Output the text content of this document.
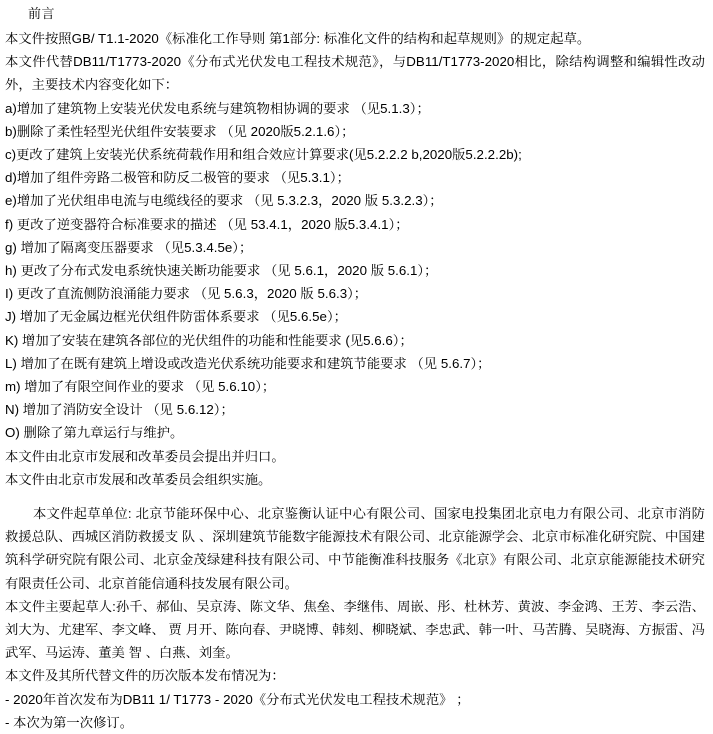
前言

本文件按照GB/ T1.1-2020《标准化工作导则 第1部分: 标准化文件的结构和起草规则》的规定起草。

本文件代替DB11/T1773-2020《分布式光伏发电工程技术规范》，与DB11/T1773-2020相比，除结构调整和编辑性改动外，主要技术内容变化如下：

a)增加了建筑物上安装光伏发电系统与建筑物相协调的要求 （见5.1.3）；

b)删除了柔性轻型光伏组件安装要求 （见 2020版5.2.1.6）；

c)更改了建筑上安装光伏系统荷载作用和组合效应计算要求(见5.2.2.2 b,2020版5.2.2.2b);

d)增加了组件旁路二极管和防反二极管的要求 （见5.3.1）；

e)增加了光伏组串电流与电缆线径的要求 （见 5.3.2.3，2020 版 5.3.2.3）；

f) 更改了逆变器符合标准要求的描述 （见 53.4.1，2020 版5.3.4.1）；

g) 增加了隔离变压器要求 （见5.3.4.5e）；

h) 更改了分布式发电系统快速关断功能要求 （见 5.6.1，2020 版 5.6.1）；

I) 更改了直流侧防浪涌能力要求 （见 5.6.3，2020 版 5.6.3）；

J) 增加了无金属边框光伏组件防雷体系要求 （见5.6.5e）；

K) 增加了安装在建筑各部位的光伏组件的功能和性能要求 (见5.6.6）；

L) 增加了在既有建筑上增设或改造光伏系统功能要求和建筑节能要求 （见 5.6.7）；

m) 增加了有限空间作业的要求 （见 5.6.10）；

N) 增加了消防安全设计 （见 5.6.12）；

O) 删除了第九章运行与维护。

本文件由北京市发展和改革委员会提出并归口。

本文件由北京市发展和改革委员会组织实施。

本文件起草单位: 北京节能环保中心、北京鉴衡认证中心有限公司、国家电投集团北京电力有限公司、北京市消防救援总队、西城区消防救援支 队 、深圳建筑节能数字能源技术有限公司、北京能源学会、北京市标准化研究院、中国建筑科学研究院有限公司、北京金茂绿建科技有限公司、中节能衡准科技服务《北京》有限公司、北京京能源能技术研究有限责任公司、北京首能信通科技发展有限公司。

本文件主要起草人:孙千、郝仙、吴京涛、陈文华、焦垒、李继伟、周嵌、彤、杜林芳、黄波、李金鸿、王芳、李云浩、刘大为、尤建军、李文峰、 贾 月开、陈向春、尹晓博、韩刻、柳晓斌、李忠武、韩一叶、马苦腾、吴晓海、方振雷、冯武军、马运涛、董美 智 、白燕、刘奎。

本文件及其所代替文件的历次版本发布情况为：

- 2020年首次发布为DB11 1/ T1773 - 2020《分布式光伏发电工程技术规范》 ；

- 本次为第一次修订。
